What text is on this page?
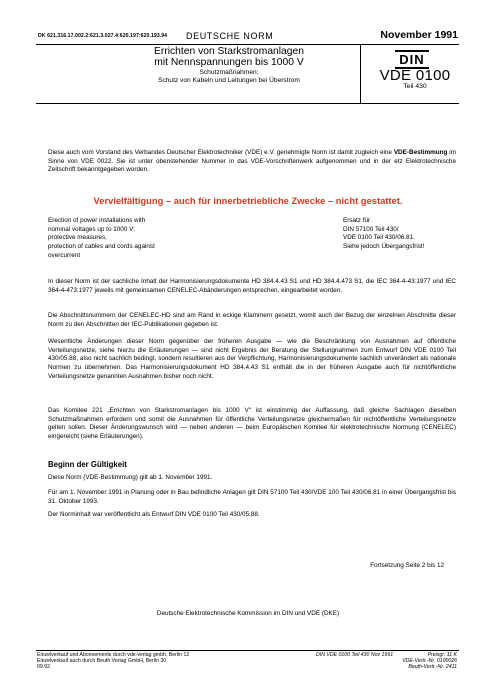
DK 621.316.17.002.2:621.3.027.4:620.197:620.193.94 DEUTSCHE NORM	November 1991
Errichten von Starkstromanlagen
mit Nennspannungen bis 1000 V
Schutzmaßnahmen;
Schutz von Kabeln und Leitungen bei Überstrom
DIN
VDE 0100
Teil 430
Diese auch vom Vorstand des Verbandes Deutscher Elektrotechniker (VDE) e.V. genehmigte Norm ist damit zugleich eine VDE-Bestimmung im Sinne von VDE 0022. Sie ist unter obenstehender Nummer in das VDE-Vorschriftenwerk aufgenommen und in der etz Elektrotechnische Zeitschrift bekanntgegeben worden.
Vervielfältigung – auch für innerbetriebliche Zwecke – nicht gestattet.
Erection of power installations with
nominal voltages up to 1000 V;
protective measures,
protection of cables and cords against
overcurrent
Ersatz für
DIN 57100 Teil 430/
VDE 0100 Teil 430/06.81.
Siehe jedoch Übergangsfrist!
In dieser Norm ist der sachliche Inhalt der Harmonisierungsdokumente HD 384.4.43 S1 und HD 384.4.473 S1, die IEC 364-4-43:1977 und IEC 364-4-473:1977 jeweils mit gemeinsamen CENELEC-Abänderungen entsprechen, eingearbeitet worden.
Die Abschnittsnummern der CENELEC-HD sind am Rand in eckige Klammern gesetzt, womit auch der Bezug der einzelnen Abschnitte dieser Norm zu den Abschnitten der IEC-Publikationen gegeben ist.
Wesentliche Änderungen dieser Norm gegenüber der früheren Ausgabe — wie die Beschränkung von Ausnahmen auf öffentliche Verteilungsnetze, siehe hierzu die Erläuterungen — sind nicht Ergebnis der Beratung der Stellungnahmen zum Entwurf DIN VDE 0100 Teil 430/05.88, also nicht sachlich bedingt, sondern resultieren aus der Verpflichtung, Harmonisierungsdokumente sachlich unverändert als nationale Normen zu übernehmen. Das Harmonisierungsdokument HD 384.4.43 S1 enthält die in der früheren Ausgabe auch für nichtöffentliche Verteilungsnetze genannten Ausnahmen bisher noch nicht.
Das Komitee 221 „Errichten von Starkstromanlagen bis 1000 V“ ist einstimmig der Auffassung, daß gleiche Sachlagen dieselben Schutzmaßnahmen erfordern und somit die Ausnahmen für öffentliche Verteilungsnetze gleichermaßen für nichtöffentliche Verteilungsnetze gelten sollen. Dieser Änderungswunsch wird — neben anderen — beim Europäischen Komitee für elektrotechnische Normung (CENELEC) eingereicht (siehe Erläuterungen).
Beginn der Gültigkeit
Diese Norm (VDE-Bestimmung) gilt ab 1. November 1991.
Für am 1. November 1991 in Planung oder in Bau befindliche Anlagen gilt DIN 57100 Teil 430/VDE 100 Teil 430/06.81 in einer Übergangsfrist bis 31. Oktober 1993.
Der Norminhalt war veröffentlicht als Entwurf DIN VDE 0100 Teil 430/05.88.
Fortsetzung Seite 2 bis 12
Deutsche Elektrotechnische Kommission im DIN und VDE (DKE)
Einzelverkauf und Abonnements durch vde-verlag gmbh, Berlin 12
Einzelverkauf auch durch Beuth Verlag GmbH, Berlin 30
09.92
DIN VDE 0100 Teil 430 Nov 1991	Preisgr. 11 K
VDE-Vertr.-Nr. 0100026
Beuth-Vertr.-Nr. 2411
